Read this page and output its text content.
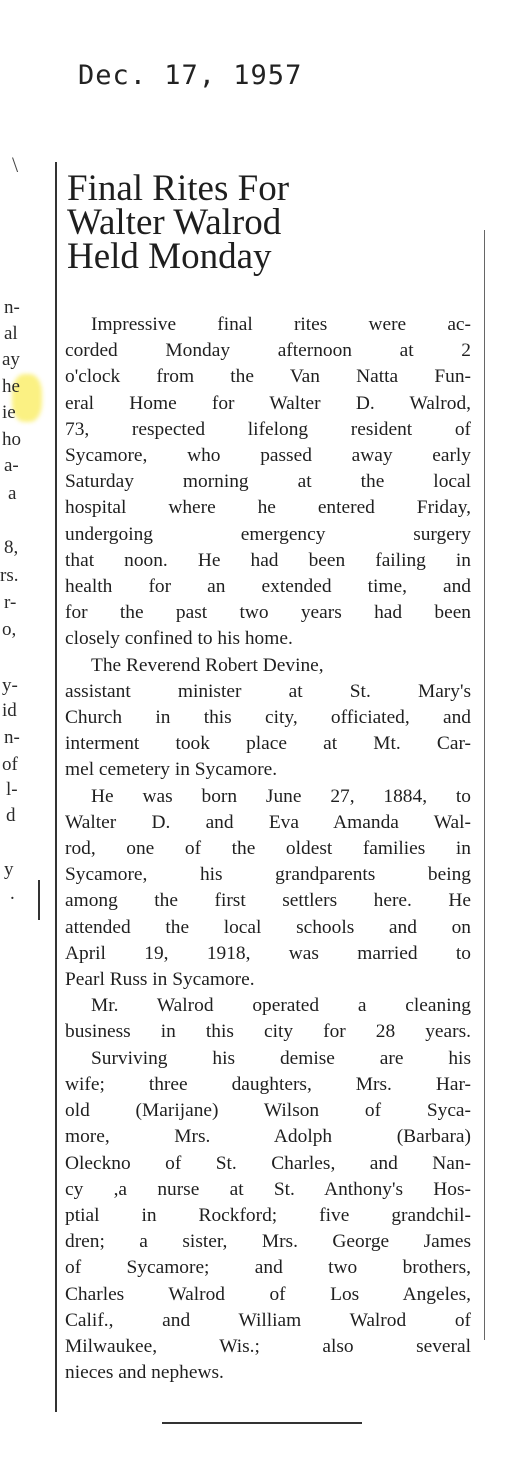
Dec. 17, 1957
\
n-
al
ay
he
ie
ho
a-
a
8,
rs.
r-
o,
y-
id
n-
of
l-
d
y
.
Final Rites For
Walter Walrod
Held Monday
Impressive final rites were ac-
corded Monday afternoon at 2
o'clock from the Van Natta Fun-
eral Home for Walter D. Walrod,
73, respected lifelong resident of
Sycamore, who passed away early
Saturday morning at the local
hospital where he entered Friday,
undergoing emergency surgery
that noon. He had been failing in
health for an extended time, and
for the past two years had been
closely confined to his home.
The Reverend Robert Devine,
assistant minister at St. Mary's
Church in this city, officiated, and
interment took place at Mt. Car-
mel cemetery in Sycamore.
He was born June 27, 1884, to
Walter D. and Eva Amanda Wal-
rod, one of the oldest families in
Sycamore, his grandparents being
among the first settlers here. He
attended the local schools and on
April 19, 1918, was married to
Pearl Russ in Sycamore.
Mr. Walrod operated a cleaning
business in this city for 28 years.
Surviving his demise are his
wife; three daughters, Mrs. Har-
old (Marijane) Wilson of Syca-
more, Mrs. Adolph (Barbara)
Oleckno of St. Charles, and Nan-
cy ,a nurse at St. Anthony's Hos-
ptial in Rockford; five grandchil-
dren; a sister, Mrs. George James
of Sycamore; and two brothers,
Charles Walrod of Los Angeles,
Calif., and William Walrod of
Milwaukee, Wis.; also several
nieces and nephews.
